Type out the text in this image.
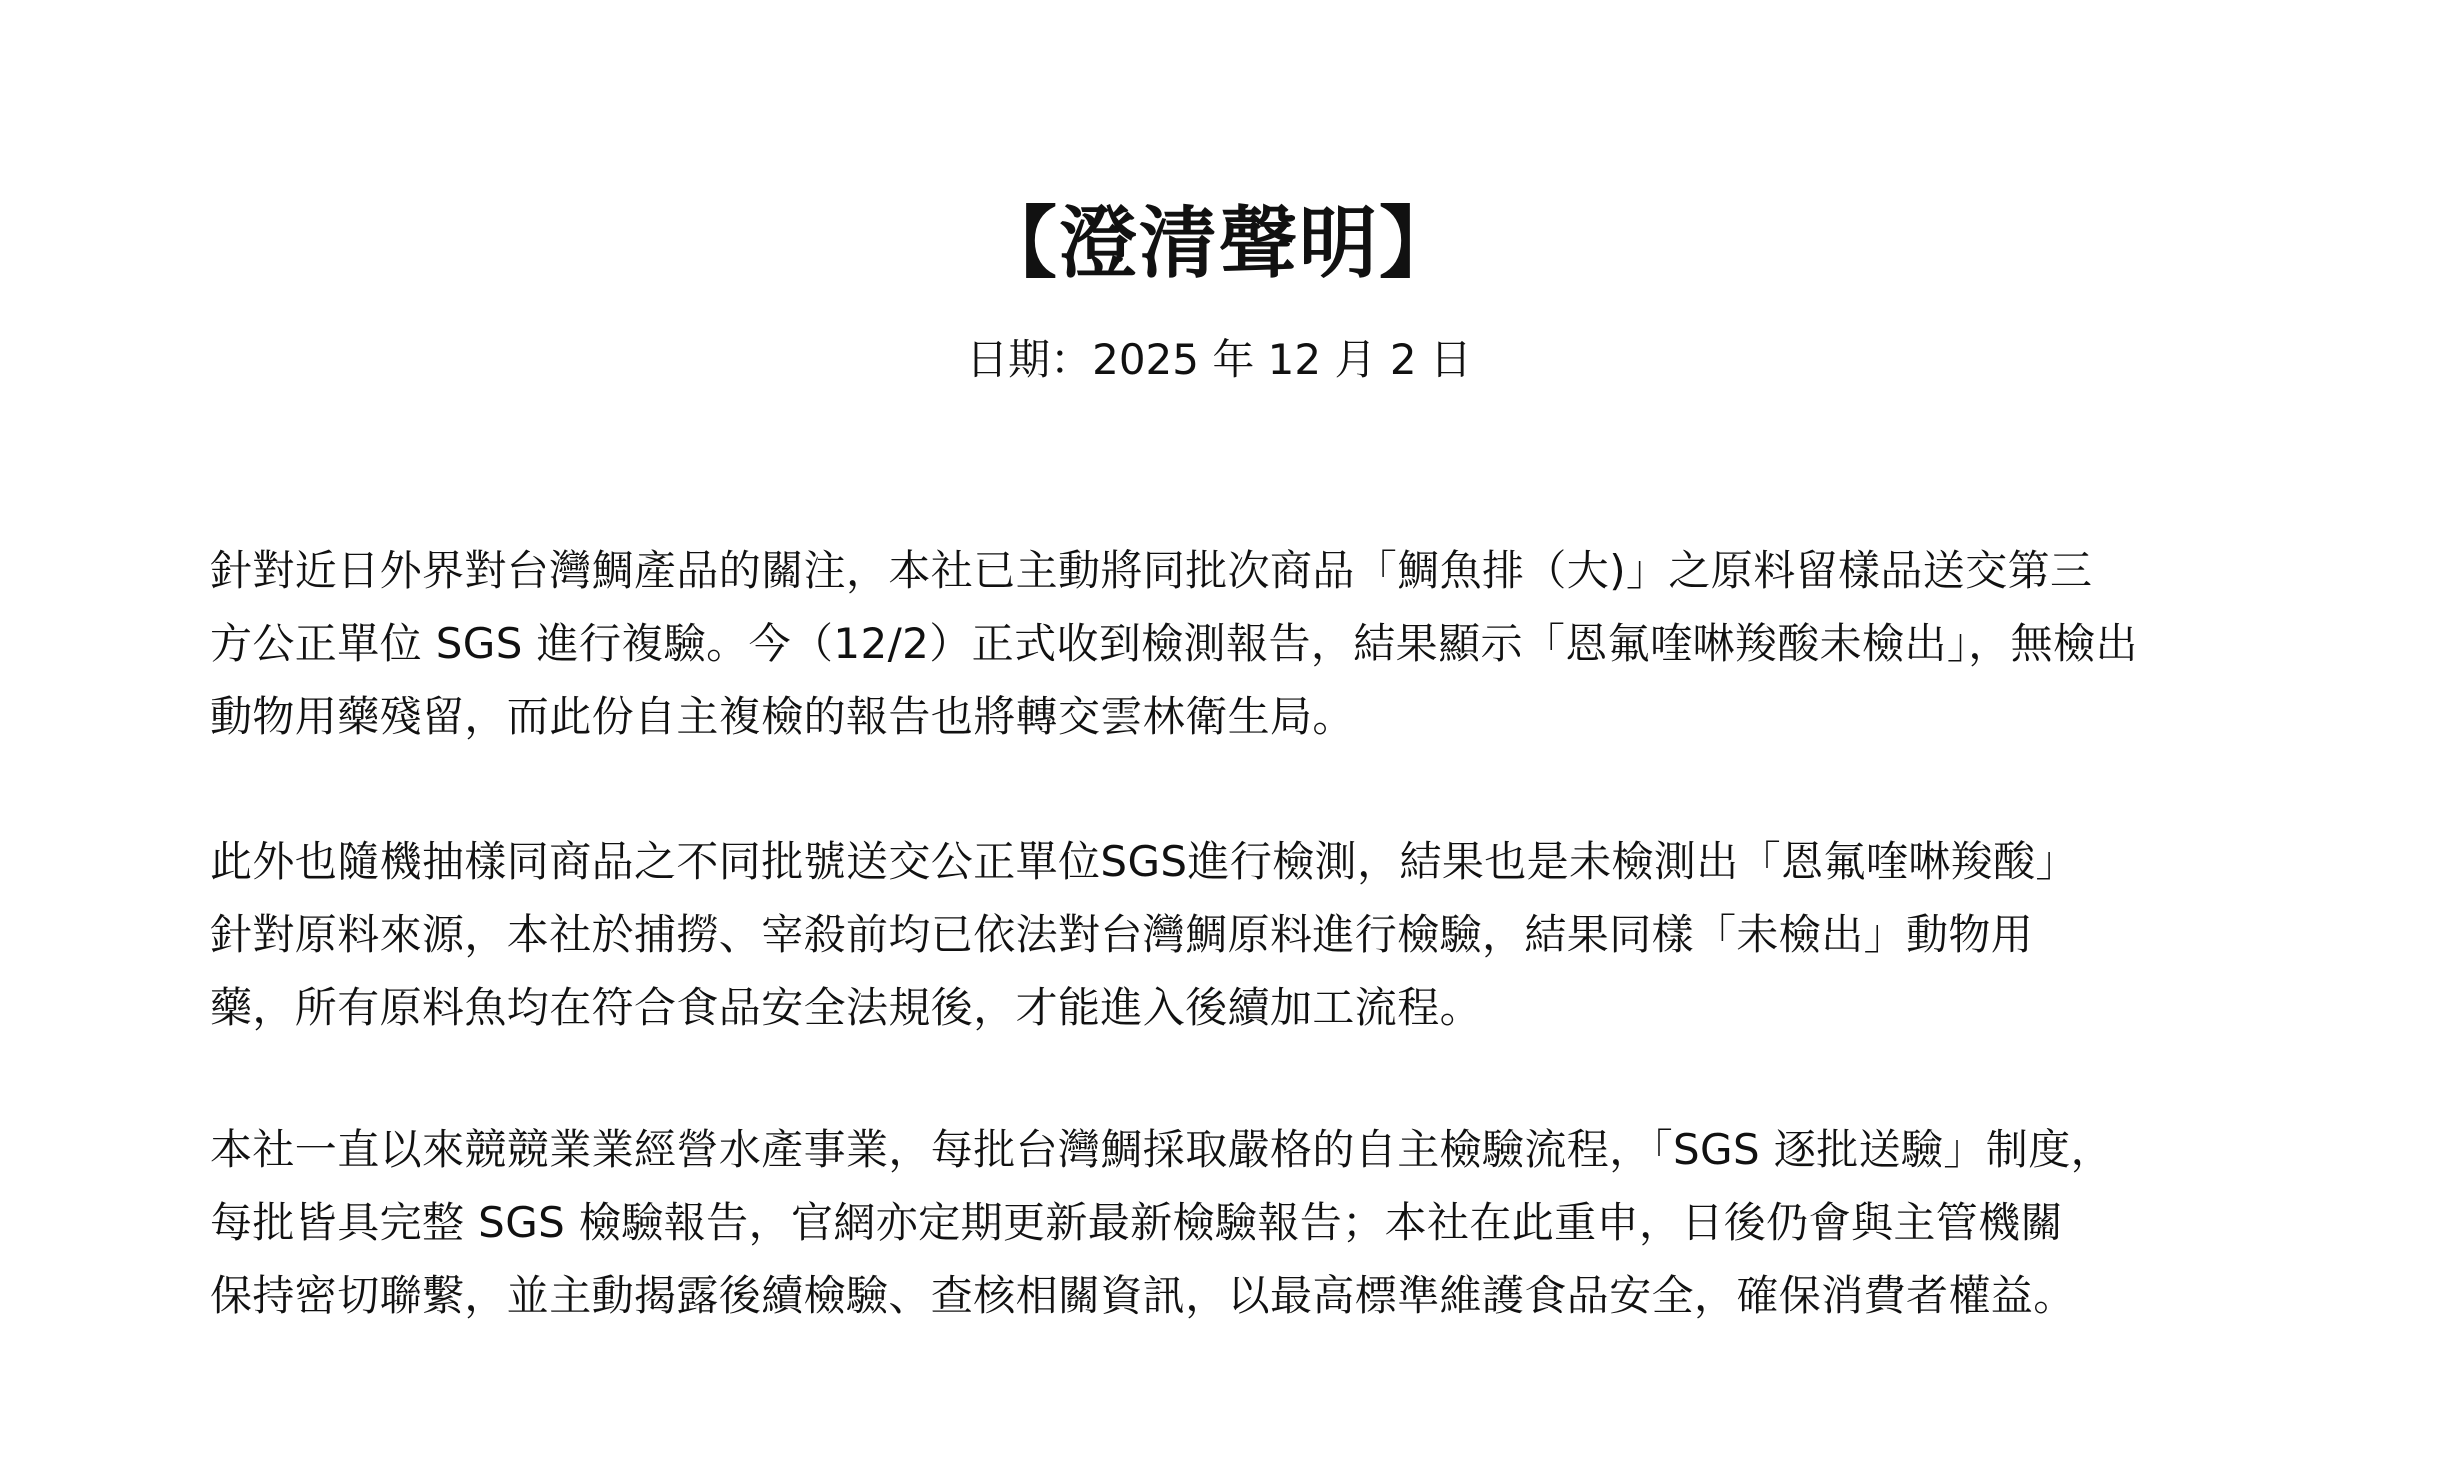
【澄清聲明】

日期：2025 年 12 月 2 日

針對近日外界對台灣鯛產品的關注，本社已主動將同批次商品「鯛魚排（大)」之原料留樣品送交第三
方公正單位 SGS 進行複驗。今（12/2）正式收到檢測報告，結果顯示「恩氟喹啉羧酸未檢出」，無檢出
動物用藥殘留，而此份自主複檢的報告也將轉交雲林衛生局。
此外也隨機抽樣同商品之不同批號送交公正單位SGS進行檢測，結果也是未檢測出「恩氟喹啉羧酸」
針對原料來源，本社於捕撈、宰殺前均已依法對台灣鯛原料進行檢驗，結果同樣「未檢出」動物用
藥，所有原料魚均在符合食品安全法規後，才能進入後續加工流程。
本社一直以來競競業業經營水產事業，每批台灣鯛採取嚴格的自主檢驗流程，「SGS 逐批送驗」制度，
每批皆具完整 SGS 檢驗報告，官網亦定期更新最新檢驗報告；本社在此重申，日後仍會與主管機關
保持密切聯繫，並主動揭露後續檢驗、查核相關資訊，以最高標準維護食品安全，確保消費者權益。
